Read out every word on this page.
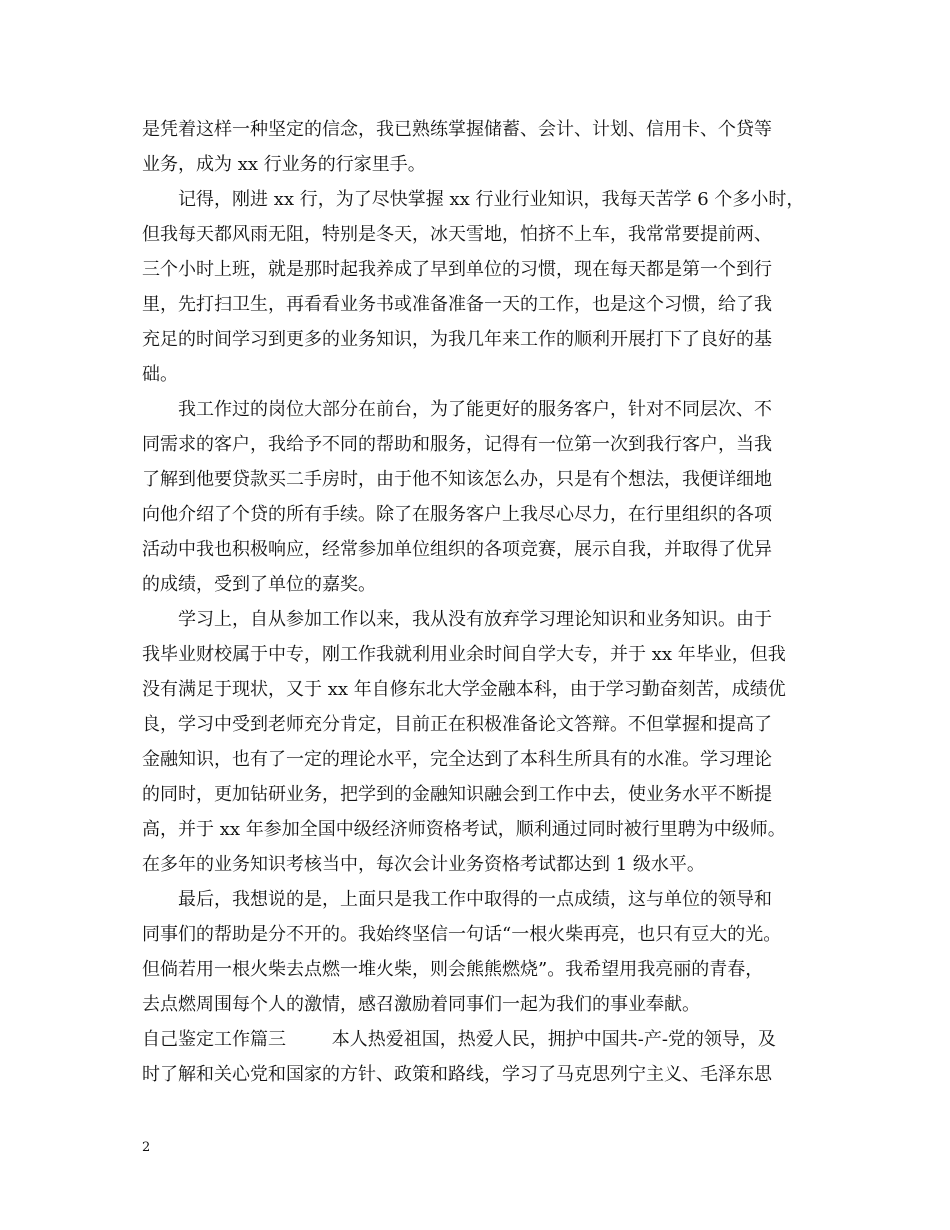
是凭着这样一种坚定的信念，我已熟练掌握储蓄、会计、计划、信用卡、个贷等

业务，成为 xx 行业务的行家里手。

记得，刚进 xx 行，为了尽快掌握 xx 行业行业知识，我每天苦学 6 个多小时，

但我每天都风雨无阻，特别是冬天，冰天雪地，怕挤不上车，我常常要提前两、

三个小时上班，就是那时起我养成了早到单位的习惯，现在每天都是第一个到行

里，先打扫卫生，再看看业务书或准备准备一天的工作，也是这个习惯，给了我

充足的时间学习到更多的业务知识，为我几年来工作的顺利开展打下了良好的基

础。

我工作过的岗位大部分在前台，为了能更好的服务客户，针对不同层次、不

同需求的客户，我给予不同的帮助和服务，记得有一位第一次到我行客户，当我

了解到他要贷款买二手房时，由于他不知该怎么办，只是有个想法，我便详细地

向他介绍了个贷的所有手续。除了在服务客户上我尽心尽力，在行里组织的各项

活动中我也积极响应，经常参加单位组织的各项竞赛，展示自我，并取得了优异

的成绩，受到了单位的嘉奖。

学习上，自从参加工作以来，我从没有放弃学习理论知识和业务知识。由于

我毕业财校属于中专，刚工作我就利用业余时间自学大专，并于 xx 年毕业，但我

没有满足于现状，又于 xx 年自修东北大学金融本科，由于学习勤奋刻苦，成绩优

良，学习中受到老师充分肯定，目前正在积极准备论文答辩。不但掌握和提高了

金融知识，也有了一定的理论水平，完全达到了本科生所具有的水准。学习理论

的同时，更加钻研业务，把学到的金融知识融会到工作中去，使业务水平不断提

高，并于 xx 年参加全国中级经济师资格考试，顺利通过同时被行里聘为中级师。

在多年的业务知识考核当中，每次会计业务资格考试都达到 1 级水平。

最后，我想说的是，上面只是我工作中取得的一点成绩，这与单位的领导和

同事们的帮助是分不开的。我始终坚信一句话“一根火柴再亮，也只有豆大的光。

但倘若用一根火柴去点燃一堆火柴，则会熊熊燃烧”。我希望用我亮丽的青春，

去点燃周围每个人的激情，感召激励着同事们一起为我们的事业奉献。

自己鉴定工作篇三        本人热爱祖国，热爱人民，拥护中国共-产-党的领导，及

时了解和关心党和国家的方针、政策和路线，学习了马克思列宁主义、毛泽东思

2
